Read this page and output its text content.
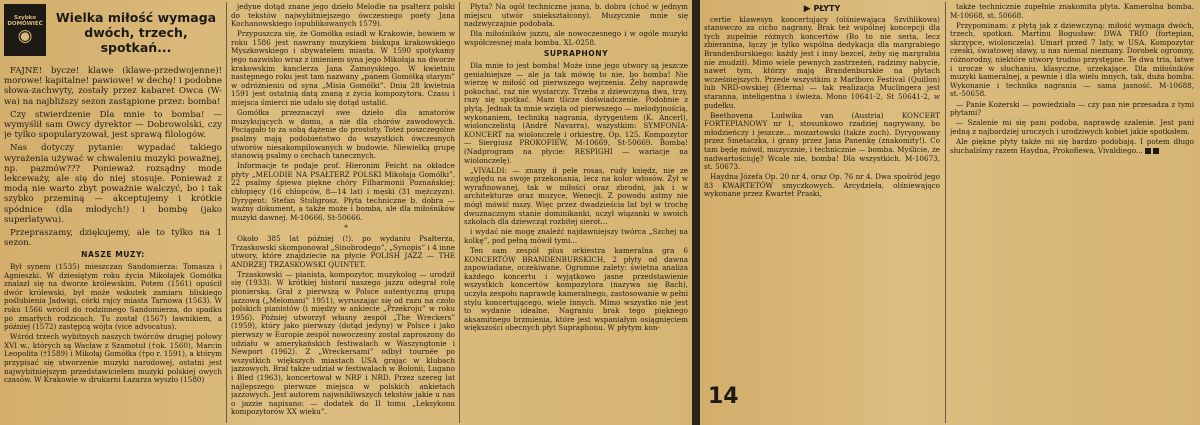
Szybko DOMÓWIEĆ
◉
Wielka miłość wymaga dwóch, trzech, spotkań...

FAJNE! bycze! klawe (klawe-przedwojenne)! morowe! kapitalne! pawiowe! w dechę! i podobne słowa-zachwyty, zostały przez kabaret Owca (W-wa) na najbliższy sezon zastąpione przez: bomba!

Czy stwierdzenie Dla mnie to bomba! — wymyślił sam Owcy dyrektor — Dobrowolski, czy je tylko spopularyzował, jest sprawą filologów.

Nas dotyczy pytanie: wypadać takiego wyrażenia używać w chwaleniu muzyki poważnej, np. pazmów??? Ponieważ rozsądny mode lekceważy, ale się do niej stosuje. Ponieważ z modą nie warto zbyt poważnie walczyć, bo i tak szybko przeminą — akceptujemy i krótkie spódnice (dla młodych!) i bombę (jako superlatywu).

Przepraszamy, dziękujemy, ale to tylko na 1 sezon.

NASZE MUZY:

Był synem (1535) mieszczan Sandomierza: Tomasza i Agnieszki. W dziesiątym roku życia Mikołajek Gomółka znalazł się na dworze królewskim. Potem (1561) opuścił dwór królewski, był może wskutek zamiaru bliskiego poślubienia Jadwigi, córki rajcy miasta Tarnowa (1563). W roku 1566 wrócił do rodzinnego Sandomierza, do spadku po zmarłych rodzicach. Tu został (1567) ławnikiem, a później (1572) zastępcą wójta (vice advocatus).

Wśród trzech wybitnych naszych twórców drugiej połowy XVI w., których są Wacław z Szamotuł (†ok. 1560), Marcin Leopolita (†1589) i Mikołaj Gomółka (†po r. 1591), a którym przypisać się stworzenie muzyki narodowej, ostatni jest najwybitniejszym przedstawicielem muzyki polskiej owych czasów. W Krakowie w drukarni Łazarza wyszło (1580)

jedyne dotąd znane jego dzieło Melodie na psałterz polski do tekstów najwybitniejszego ówczesnego poety Jana Kochanowskiego (opublikowanych 1579).

Przypuszcza się, że Gomółka osiadł w Krakowie, bowiem w roku 1586 jest nawrany muzykiem biskupa krakowskiego Myszkowskiego i obywatelem miasta. W 1590 spotykamy jego nazwisko wraz z imieniem syna jego Mikołaja na dworze krakowskim kanclerza Jana Zamoyskiego. W kwietniu następnego roku jest tam nazwany „panem Gomółką starym” w odróżnieniu od syna „Misia Gomółki”. Dnia 28 kwietnia 1591 jest ostatnią datą znaną z życia kompozytora. Czasu i miejsca śmierci nie udało się dotąd ustalić.

Gomółka przeznaczył swe dzieło dla amatorów muzykujących w domu, a nie dla chórów zawodowych. Pociągało to za sobą dążenie do prostoty. Toteż poszczególne psalmy mają podobieństwo do wszystkich ówczesnych utworów niesakompilowanych w budowie. Niewielką grupę stanowią psalmy o cechach tanecznych.

Informacje te podaje prof. Hieronim Feicht na okładce płyty „MELODIE NA PSAŁTERZ POLSKI Mikołaja Gomółki”. 22 psalmy śpiewa piękne chóry Filharmonii Poznańskiej: chłopięcy (16 chłopców, 8—14 lat) i męski (31 mężczyzn). Dyrygent: Stefan Stuligrosz. Płyta techniczne b. dobra — ważny dokument, a także może i bomba, ale dla miłośników muzyki dawnej. M-10666, St-50666.

*

Około 385 lat później (!). po wydaniu Psałterza, Trzaskowski skomponował „Sinobrodego”, „Synopis” i 4 inne utwory, które znajdziecie na płycie POLISH JAZZ — THE ANDRZEJ TRZASKOWSKI QUINTET.

Trzaskowski — pianista, kompozytor, muzykolog — urodził się (1933). W krótkiej historii naszego jazzu odegrał rolę pionierską. Grał z pierwszą w Polsce autentyczną grupą jazzową („Melomani” 1951), wyruszając się od razu na czoło polskich pianistów (i między w ankiecie „Przekroju” w roku 1956). Później utworzył własny zespół „The Wreckers” (1959), który jako pierwszy (dotąd jedyny) w Polsce i jako pierwszy w Europie zespół nowoczesny został zaproszony do udziału w amerykańskich festiwalach w Waszyngtonie i Newport (1962). Z „Wreckersami” odbył tournée po wszystkich większych miastach USA grając w klubach jazzowych. Brał także udział w festiwalach w Bolonii, Lugano i Bled (1963), koncertował w NRF i NRD. Przez szereg lat najlepszego pierwsze miejsca w polskich ankietach jazzowych. Jest autorem najwnikliwszych tekstów jakie u nas o jazzie napisano: — dodatek do II tomu „Leksykonu kompozytorów XX wieku”.

Płyta? Na ogół techniczne jasna, b. dobra (choć w jednym miejscu utwór sniekształcony). Muzycznie mnie się nadzwyczajnie podobała.

Dla miłośników jazzu, ale nowoczesnego i w ogóle muzyki współczesnej mała bomba. XL-0258.

SUPRAPHONY

Dla mnie to jest bomba! Może inne jego utwory są jeszcze genialniejsze — ale ja tak mówię to nie, bo bomba! Nie wierzę w miłość od pierwszego wejrzenia. Żeby naprawdę pokochać, raz nie wystarczy. Trzeba z dziewczyną dwa, trzy, razy się spotkać. Mam tlicze doświadczenie. Podobnie z płytą. Jednak ta mnie wzięła od pierwszego — melodyjnością, wykonaniem, techniką nagrania, dyrygentem (K. Ancerl), wiolonczelistą (André Navarra), wszystkim: SYMFONIA-KONCERT na wiolonczelę i orkiestrę, Op. 125. Kompozytor — Siergiusz PROKOFIEW, M-10669, St-50669. Bomba! (Nadprogram na płycie: RESPIGHI — wariacje na wiolonczelę).

„VIVALDI: — znany ił pele rosas, rudy księdz, nie ze względu na swoje przekonania, lecz na kolor włosów. Żył w wyrafinowanej, tak w miłości oraz zbrodni, jak i w architekturze oraz muzyce, Wenecji. Z powodu astmy nie mógł mówić mszy. Więc przez dwadzieścia lat był w trochę dwuznacznym stanie dominikanki, uczył wiązanki w swoich szkołach dla dziewcząt rozbitej sierot...

i wydać nie mogę znaleźć najdawniejszy twórca „Szchej na kolkę”, pod pełną mówił tymi...

Ten sam zespół plus orkiestra kameralna gra 6 KONCERTÓW BRANDENBURSKICH, 2 płyty od dawna zapowiadane, oczekiwane. Ogromne zalety: świetna analiza każdego koncertu i wyjątkowo jasne przedstawienie wszystkich koncertów kompozytora (nazywa się Bach), uczyła zespołu naprawdę kameralnego, zastosowanie w pełni stylu koncertującego, wiele innych. Mimo wszystko nie jest to wydanie idealne. Nagraniu brak tego pięknego aksamitnego brzmienia, które jest wspaniałym osiągnięciem większości obecnych płyt Supraphonu. W płytym kon-

▶ PŁYTY

certie klawesyn koncertujący (olśniewająca Szvihlikowa) stanowczo za cicho nagrany. Brak też wspólnej koncepcji dla tych zupełnie różnych koncertów (Bo to nie seria, lecz zbieranina, łączy je tylko wspólna dedykacja dla margrabiego Brandenburskiego: każdy jest i inny bezcel, żeby się margrabia nie znudził). Mimo wiele pewnych zastrzeżeń, radzimy nabycie, nawet tym, którzy mają Brandenburskie na płytach wcześniejszych. Przede wszystkim z Marlboro Festival (Quillon) lub NRD-owskiej (Eterna) — tak realizacja Muclingera jest staranna, inteligentna i świeża. Mono 10641-2, St 50641-2, w pudełku.

Beethovena Ludwika van (Austria) KONCERT FORTEPIANOWY nr 1, stosunkowo rzadziej nagrywany, bo młodzieńczy i jeszcze... mozartowski (także zuch). Dyrygowany przez Smetaczka, i grany przez Jana Panenkę (znakomity!). Co tam będę mówił, muzycznie, i technicznie — bomba. Myślicie, że nadwartościuję? Wcale nie, bomba! Dla wszystkich. M-10673, st. 50673.

Haydna Józefa Op. 20 nr 4, oraz Op. 76 nr 4. Dwa spośród jego 83 KWARTETÓW smyczkowych. Arcydzieła, olśniewająco wykonane przez Kwartet Praski,

14

także technicznie zupełnie znakomita płyta. Kameralna bomba. M-10668, st. 50668.

Przypominam: z płytą jak z dziewczyną: miłość wymaga dwóch, trzech, spotkań. Martinu Bogusław: DWA TRIO (fortepian, skrzypce, wiolonczela). Umarł przed 7 laty, w USA. Kompozytor czeski, światowej sławy, u nas niemal nieznany. Dorobek ogromny, różnorodny, niektóre utwory trudno przystępne. Te dwa tria, łatwe i urocze w słuchaniu, klasyczne, urzekające. Dla miłośników muzyki kameralnej, a pewnie i dla wielu innych, tak, duża bomba. Wykonanie i technika nagrania — sama jasność. M-10688, st.-50658.

— Panie Kożerski — powiedziała — czy pan nie przesadza z tymi płytami?

— Szalenie mi się pani podoba, naprawdę szalenie. Jest pani jedną z najbardziej uroczych i urodziwych kobiet jakie spotkałem.

Ale piękne płyty także mi się bardzo podobają. I potem długo słuchaliśmy razem Haydna, Prokofiewa, Vivaldiego...
